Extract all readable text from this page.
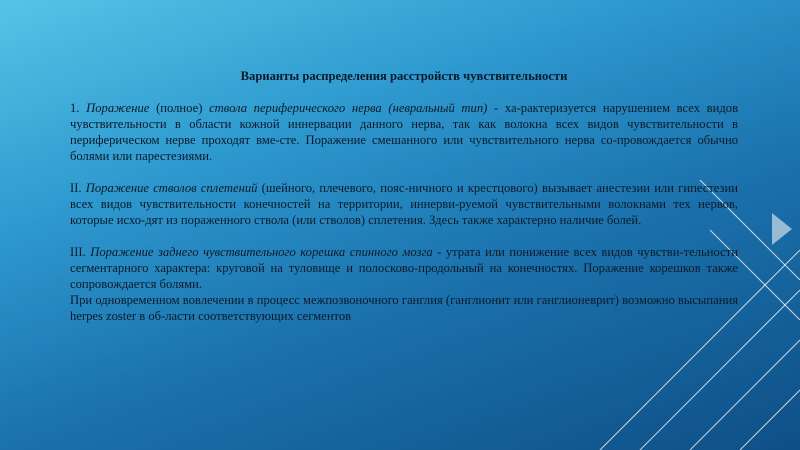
Варианты распределения расстройств чувствительности

1. Поражение (полное) ствола периферического нерва (невральный тип) - ха-рактеризуется нарушением всех видов чувствительности в области кожной иннервации данного нерва, так как волокна всех видов чувствительности в периферическом нерве проходят вме-сте. Поражение смешанного или чувствительного нерва со-провождается обычно болями или парестезиями.

II. Поражение стволов сплетений (шейного, плечевого, пояс-ничного и крестцового) вызывает анестезии или гипестезии всех видов чувствительности конечностей на территории, иннерви-руемой чувствительными волокнами тех нервов, которые исхо-дят из пораженного ствола (или стволов) сплетения. Здесь также характерно наличие болей.

III. Поражение заднего чувствительного корешка спинного мозга - утрата или понижение всех видов чувстви-тельности сегментарного характера: круговой на туловище и полосково-продольный на конечностях. Поражение корешков также сопровождается болями.

При одновременном вовлечении в процесс межпозвоночного ганглия (ганглионит или ганглионеврит) возможно высыпания herpes zoster в об-ласти соответствующих сегментов
